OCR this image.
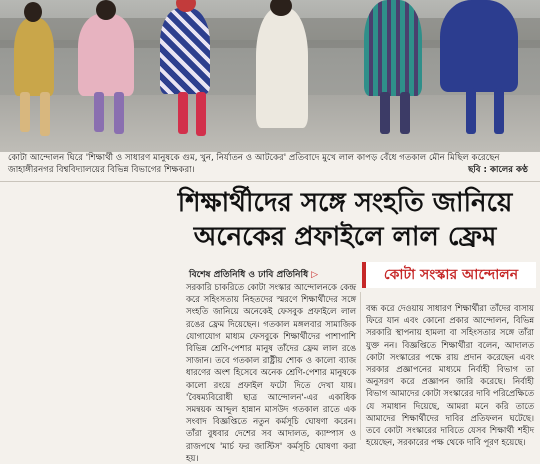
কোটা আন্দোলন ঘিরে 'শিক্ষার্থী ও সাধারণ মানুষকে গুম, খুন, নির্যাতন ও আটকের' প্রতিবাদে মুখে লাল কাপড় বেঁধে গতকাল মৌন মিছিল করেছেন জাহাঙ্গীরনগর বিশ্ববিদ্যালয়ের বিভিন্ন বিভাগের শিক্ষকরা।	ছবি : কালের কণ্ঠ
শিক্ষার্থীদের সঙ্গে সংহতি জানিয়ে
অনেকের প্রফাইলে লাল ফ্রেম
বিশেষ প্রতিনিধি ও ঢাবি প্রতিনিধি ▷

সরকারি চাকরিতে কোটা সংস্কার আন্দোলনকে কেন্দ্র করে সহিংসতায় নিহতদের স্মরণে শিক্ষার্থীদের সঙ্গে সংহতি জানিয়ে অনেকেই ফেসবুক প্রফাইলে লাল রঙের ফ্রেম দিয়েছেন। গতকাল মঙ্গলবার সামাজিক যোগাযোগ মাধ্যম ফেসবুকে শিক্ষার্থীদের পাশাপাশি বিভিন্ন শ্রেণি-পেশার মানুষ তাঁদের ফ্রেম লাল রঙে সাজান। তবে গতকাল রাষ্ট্রীয় শোক ও কালো ব্যাজ ধারণের অংশ হিসেবে অনেক শ্রেণি-পেশার মানুষকে কালো রংয়ে প্রফাইল ফটো দিতে দেখা যায়। 'বৈষম্যবিরোধী ছাত্র আন্দোলন'-এর একাধিক সমন্বয়ক আব্দুল হান্নান মাসউদ গতকাল রাতে এক সংবাদ বিজ্ঞপ্তিতে নতুন কর্মসূচি ঘোষণা করেন। তাঁরা বুধবার দেশের সব আদালত, ক্যাম্পাস ও রাজপথে 'মার্চ ফর জাস্টিস' কর্মসূচি ঘোষণা করা হয়।

কোটা সংস্কার আন্দোলন

বন্ধ করে দেওয়ায় সাধারণ শিক্ষার্থীরা তাঁদের বাসায় ফিরে যান এবং কোনো প্রকার আন্দোলন, বিভিন্ন সরকারি স্থাপনায় হামলা বা সহিংসতার সঙ্গে তাঁরা যুক্ত নন। বিজ্ঞপ্তিতে শিক্ষার্থীরা বলেন, আদালত কোটা সংস্কারের পক্ষে রায় প্রদান করেছেন এবং সরকার প্রজ্ঞাপনের মাধ্যমে নির্বাহী বিভাগ তা অনুসরণ করে প্রজ্ঞাপন জারি করেছে। নির্বাহী বিভাগ আমাদের কোটা সংস্কারের দাবি পরিপ্রেক্ষিতে যে সমাধান দিয়েছে, আমরা মনে করি তাতে আমাদের শিক্ষার্থীদের দাবির প্রতিফলন ঘটেছে। তবে কোটা সংস্কারের দাবিতে যেসব শিক্ষার্থী শহীদ হয়েছেন, সরকারের পক্ষ থেকে দাবি পূরণ হয়েছে।
